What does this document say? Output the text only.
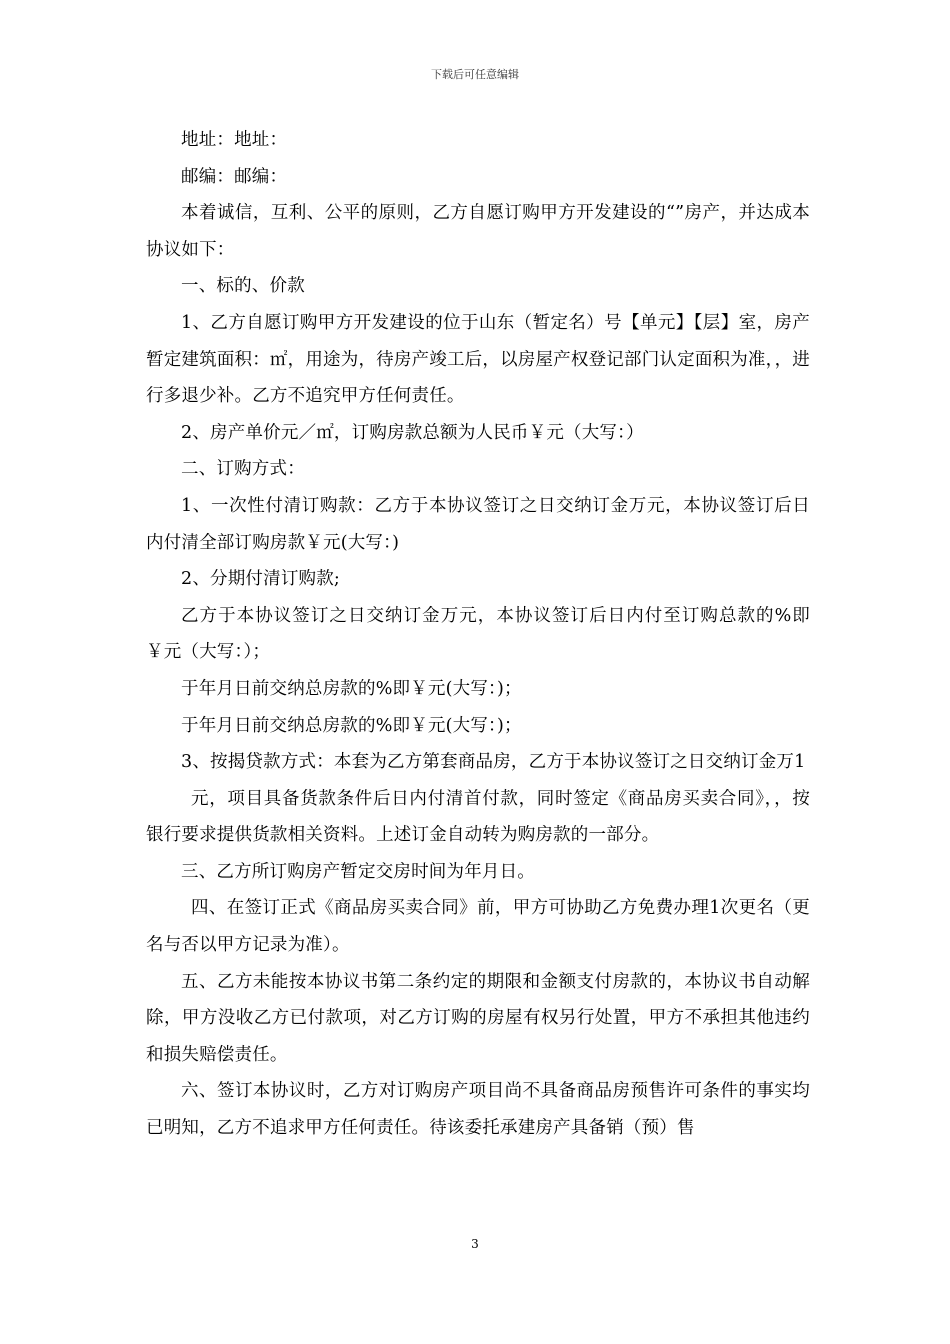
下载后可任意编辑

地址：地址：

邮编：邮编：

本着诚信，互利、公平的原则，乙方自愿订购甲方开发建设的“”房产，并达成本协议如下：

一、标的、价款

1、乙方自愿订购甲方开发建设的位于山东（暂定名）号【单元】【层】室，房产暂定建筑面积：㎡，用途为，待房产竣工后，以房屋产权登记部门认定面积为准，，进行多退少补。乙方不追究甲方任何责任。

2、房产单价元／㎡，订购房款总额为人民币￥元（大写：）

二、订购方式：

1、一次性付清订购款：乙方于本协议签订之日交纳订金万元，本协议签订后日内付清全部订购房款￥元(大写：)

2、分期付清订购款;

乙方于本协议签订之日交纳订金万元，本协议签订后日内付至订购总款的%即￥元（大写：）；

于年月日前交纳总房款的%即￥元(大写：)；

于年月日前交纳总房款的%即￥元(大写：)；

3、按揭贷款方式：本套为乙方第套商品房，乙方于本协议签订之日交纳订金万1

元，项目具备货款条件后日内付清首付款，同时签定《商品房买卖合同》，，按银行要求提供货款相关资料。上述订金自动转为购房款的一部分。

三、乙方所订购房产暂定交房时间为年月日。

四、在签订正式《商品房买卖合同》前，甲方可协助乙方免费办理1次更名（更名与否以甲方记录为准）。

五、乙方未能按本协议书第二条约定的期限和金额支付房款的，本协议书自动解除，甲方没收乙方已付款项，对乙方订购的房屋有权另行处置，甲方不承担其他违约和损失赔偿责任。

六、签订本协议时，乙方对订购房产项目尚不具备商品房预售许可条件的事实均已明知，乙方不追求甲方任何责任。待该委托承建房产具备销（预）售

3
